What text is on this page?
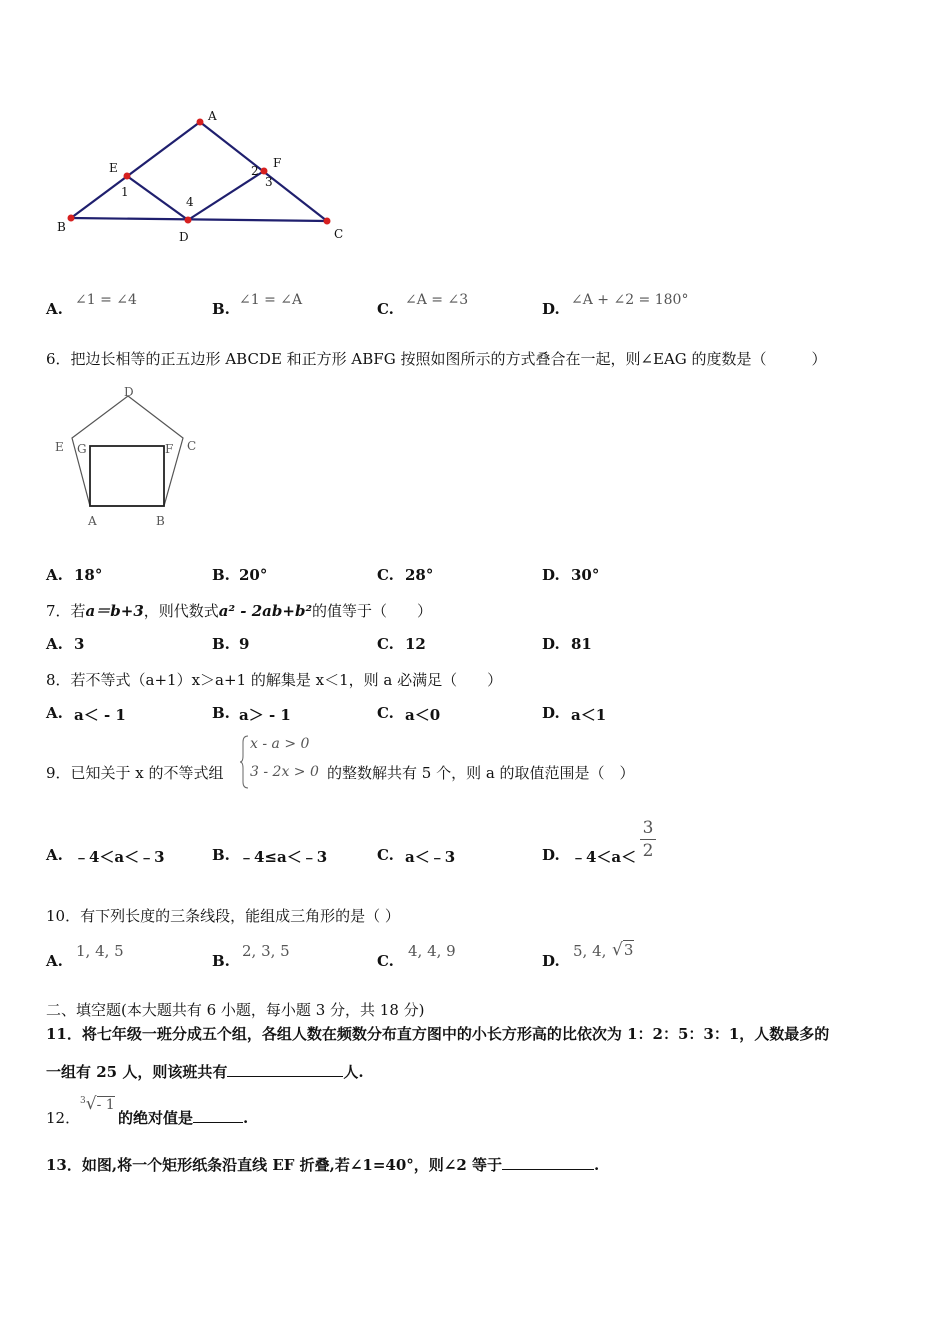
A
E	F
B
D	C
1
2
3
4
A. ∠1 = ∠4	B. ∠1 = ∠A	C. ∠A = ∠3	D. ∠A + ∠2 = 180°
6．把边长相等的正五边形 ABCDE 和正方形 ABFG 按照如图所示的方式叠合在一起，则∠EAG 的度数是（　　　）
D
E G	F C
A	B
A. 18°	B. 20°	C. 28°	D. 30°
7．若a＝b+3，则代数式a² - 2ab+b²的值等于（　　）
A. 3	B. 9	C. 12	D. 81
8．若不等式（a+1）x＞a+1 的解集是 x＜1，则 a 必满足（　　）
A. a＜ - 1	B. a＞ - 1	C. a＜0	D. a＜1
9．已知关于 x 的不等式组
x - a > 0
3 - 2x > 0 的整数解共有 5 个，则 a 的取值范围是（　）
A. ﹣4＜a＜﹣3	B. ﹣4≤a＜﹣3	C. a＜﹣3	D. ﹣4＜a＜
3
2
10．有下列长度的三条线段，能组成三角形的是（ ）
A.
1, 4, 5
B.
2, 3, 5
C.
4, 4, 9
D.
5, 4, √3
二、填空题(本大题共有 6 小题，每小题 3 分，共 18 分)
11．将七年级一班分成五个组，各组人数在频数分布直方图中的小长方形高的比依次为 1：2：5：3：1，人数最多的
一组有 25 人，则该班共有	人.
12．
$^3$√- 1
的绝对值是	.
13．如图,将一个矩形纸条沿直线 EF 折叠,若∠1=40°，则∠2 等于	.
